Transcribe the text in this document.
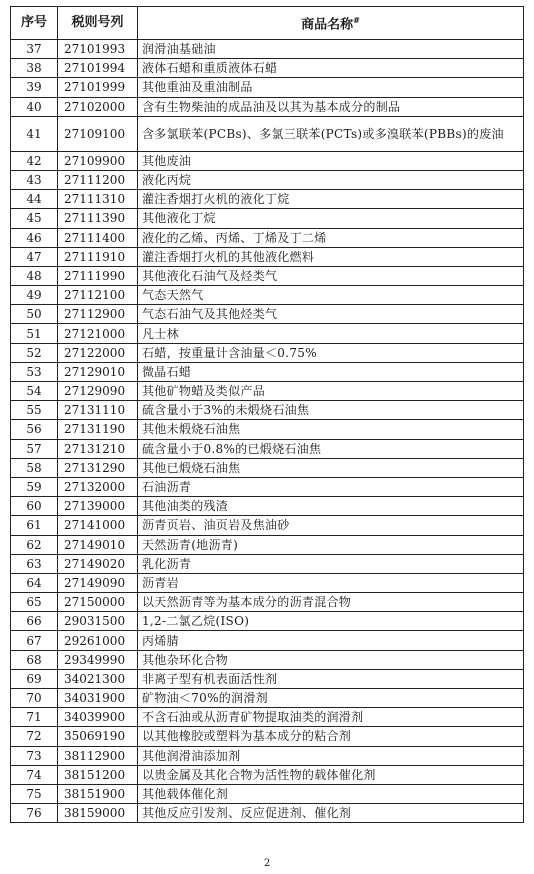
序号	税则号列	商品名称#
37	27101993	润滑油基础油
38	27101994	液体石蜡和重质液体石蜡
39	27101999	其他重油及重油制品
40	27102000	含有生物柴油的成品油及以其为基本成分的制品
41	27109100	含多氯联苯(PCBs)、多氯三联苯(PCTs)或多溴联苯(PBBs)的废油
42	27109900	其他废油
43	27111200	液化丙烷
44	27111310	灌注香烟打火机的液化丁烷
45	27111390	其他液化丁烷
46	27111400	液化的乙烯、丙烯、丁烯及丁二烯
47	27111910	灌注香烟打火机的其他液化燃料
48	27111990	其他液化石油气及烃类气
49	27112100	气态天然气
50	27112900	气态石油气及其他烃类气
51	27121000	凡士林
52	27122000	石蜡，按重量计含油量＜0.75%
53	27129010	微晶石蜡
54	27129090	其他矿物蜡及类似产品
55	27131110	硫含量小于3%的未煅烧石油焦
56	27131190	其他未煅烧石油焦
57	27131210	硫含量小于0.8%的已煅烧石油焦
58	27131290	其他已煅烧石油焦
59	27132000	石油沥青
60	27139000	其他油类的残渣
61	27141000	沥青页岩、油页岩及焦油砂
62	27149010	天然沥青(地沥青)
63	27149020	乳化沥青
64	27149090	沥青岩
65	27150000	以天然沥青等为基本成分的沥青混合物
66	29031500	1,2-二氯乙烷(ISO)
67	29261000	丙烯腈
68	29349990	其他杂环化合物
69	34021300	非离子型有机表面活性剂
70	34031900	矿物油＜70%的润滑剂
71	34039900	不含石油或从沥青矿物提取油类的润滑剂
72	35069190	以其他橡胶或塑料为基本成分的粘合剂
73	38112900	其他润滑油添加剂
74	38151200	以贵金属及其化合物为活性物的载体催化剂
75	38151900	其他载体催化剂
76	38159000	其他反应引发剂、反应促进剂、催化剂
2
